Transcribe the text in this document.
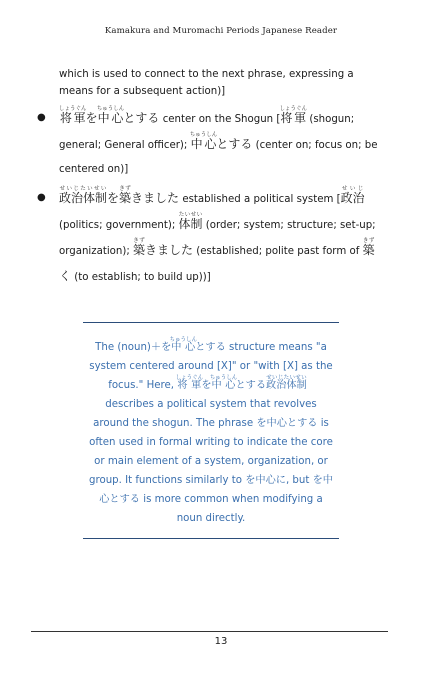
Kamakura and Muromachi Periods Japanese Reader

which is used to connect to the next phrase, expressing a means for a subsequent action)]

● 将軍しょうぐんを中心ちゅうしんとする center on the Shogun [将軍しょうぐん (shogun; general; General officer); 中心ちゅうしんとする (center on; focus on; be centered on)]
● 政治体制せいじたいせいを築きずきました established a political system [政治せいじ (politics; government); 体制たいせい (order; system; structure; set-up; organization); 築きずきました (established; polite past form of 築きずく (to establish; to build up))]

The (noun)＋を中心ちゅうしんとする structure means "a system centered around [X]" or "with [X] as the focus." Here, 将軍しょうぐんを中心ちゅうしんとする政治体制せいじたいせい describes a political system that revolves around the shogun. The phrase を中心とする is often used in formal writing to indicate the core or main element of a system, organization, or group. It functions similarly to を中心に, but を中心とする is more common when modifying a noun directly.

13
